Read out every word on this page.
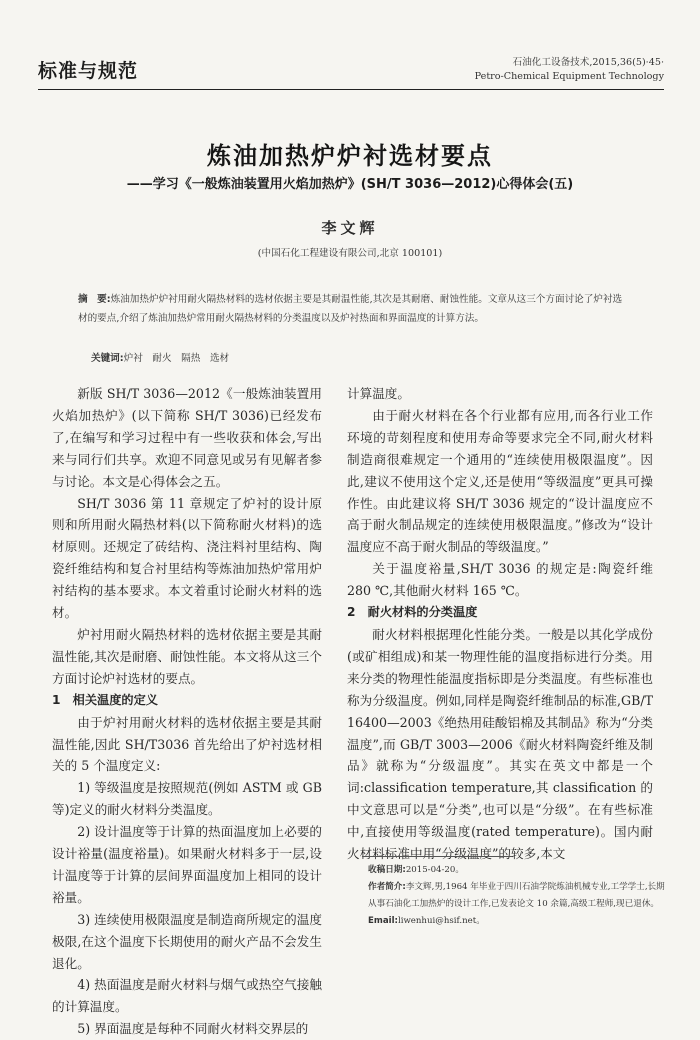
标准与规范	石油化工设备技术,2015,36(5)·45·
Petro-Chemical Equipment Technology
炼油加热炉炉衬选材要点
——学习《一般炼油装置用火焰加热炉》(SH/T 3036—2012)心得体会(五)
李文辉
(中国石化工程建设有限公司,北京 100101)
摘　要:炼油加热炉炉衬用耐火隔热材料的选材依据主要是其耐温性能,其次是其耐磨、耐蚀性能。文章从这三个方面讨论了炉衬选材的要点,介绍了炼油加热炉常用耐火隔热材料的分类温度以及炉衬热面和界面温度的计算方法。
关键词:炉衬　耐火　隔热　选材

新版 SH/T 3036—2012《一般炼油装置用火焰加热炉》(以下简称 SH/T 3036)已经发布了,在编写和学习过程中有一些收获和体会,写出来与同行们共享。欢迎不同意见或另有见解者参与讨论。本文是心得体会之五。

SH/T 3036 第 11 章规定了炉衬的设计原则和所用耐火隔热材料(以下简称耐火材料)的选材原则。还规定了砖结构、浇注料衬里结构、陶瓷纤维结构和复合衬里结构等炼油加热炉常用炉衬结构的基本要求。本文着重讨论耐火材料的选材。

炉衬用耐火隔热材料的选材依据主要是其耐温性能,其次是耐磨、耐蚀性能。本文将从这三个方面讨论炉衬选材的要点。

1　相关温度的定义

由于炉衬用耐火材料的选材依据主要是其耐温性能,因此 SH/T3036 首先给出了炉衬选材相关的 5 个温度定义:

1) 等级温度是按照规范(例如 ASTM 或 GB 等)定义的耐火材料分类温度。

2) 设计温度等于计算的热面温度加上必要的设计裕量(温度裕量)。如果耐火材料多于一层,设计温度等于计算的层间界面温度加上相同的设计裕量。

3) 连续使用极限温度是制造商所规定的温度极限,在这个温度下长期使用的耐火产品不会发生退化。

4) 热面温度是耐火材料与烟气或热空气接触的计算温度。

5) 界面温度是每种不同耐火材料交界层的

计算温度。

由于耐火材料在各个行业都有应用,而各行业工作环境的苛刻程度和使用寿命等要求完全不同,耐火材料制造商很难规定一个通用的“连续使用极限温度”。因此,建议不使用这个定义,还是使用“等级温度”更具可操作性。由此建议将 SH/T 3036 规定的“设计温度应不高于耐火制品规定的连续使用极限温度。”修改为“设计温度应不高于耐火制品的等级温度。”

关于温度裕量,SH/T 3036 的规定是:陶瓷纤维 280 ℃,其他耐火材料 165 ℃。

2　耐火材料的分类温度

耐火材料根据理化性能分类。一般是以其化学成份(或矿相组成)和某一物理性能的温度指标进行分类。用来分类的物理性能温度指标即是分类温度。有些标准也称为分级温度。例如,同样是陶瓷纤维制品的标准,GB/T 16400—2003《绝热用硅酸铝棉及其制品》称为“分类温度”,而 GB/T 3003—2006《耐火材料陶瓷纤维及制品》就称为“分级温度”。其实在英文中都是一个词:classification temperature,其 classification 的中文意思可以是“分类”,也可以是“分级”。在有些标准中,直接使用等级温度(rated temperature)。国内耐火材料标准中用“分级温度”的较多,本文

收稿日期:2015-04-20。

作者简介:李文辉,男,1964 年毕业于四川石油学院炼油机械专业,工学学士,长期从事石油化工加热炉的设计工作,已发表论文 10 余篇,高级工程师,现已退休。

Email:liwenhui@hsif.net。
